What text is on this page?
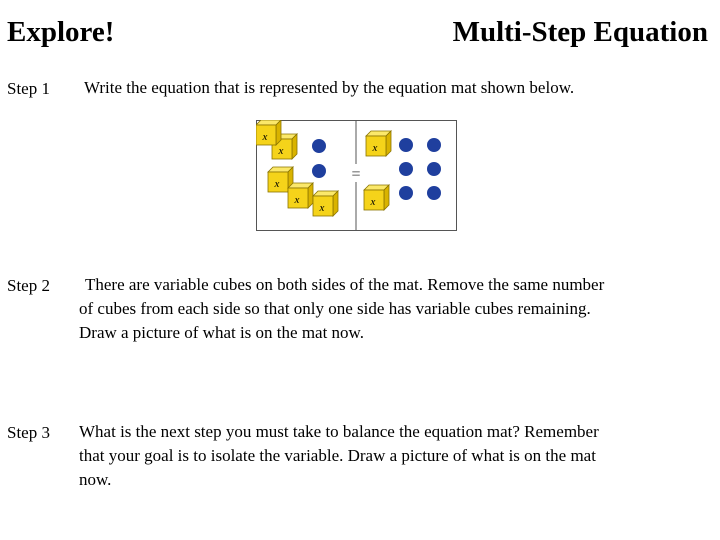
Explore!	Multi-Step Equation
Step 1 Write the equation that is represented by the equation mat shown below.
=
x
x
x
x
x
x
x
Step 2	There are variable cubes on both sides of the mat. Remove the same number
of cubes from each side so that only one side has variable cubes remaining.
Draw a picture of what is on the mat now.
Step 3 What is the next step you must take to balance the equation mat? Remember
that your goal is to isolate the variable. Draw a picture of what is on the mat
now.
